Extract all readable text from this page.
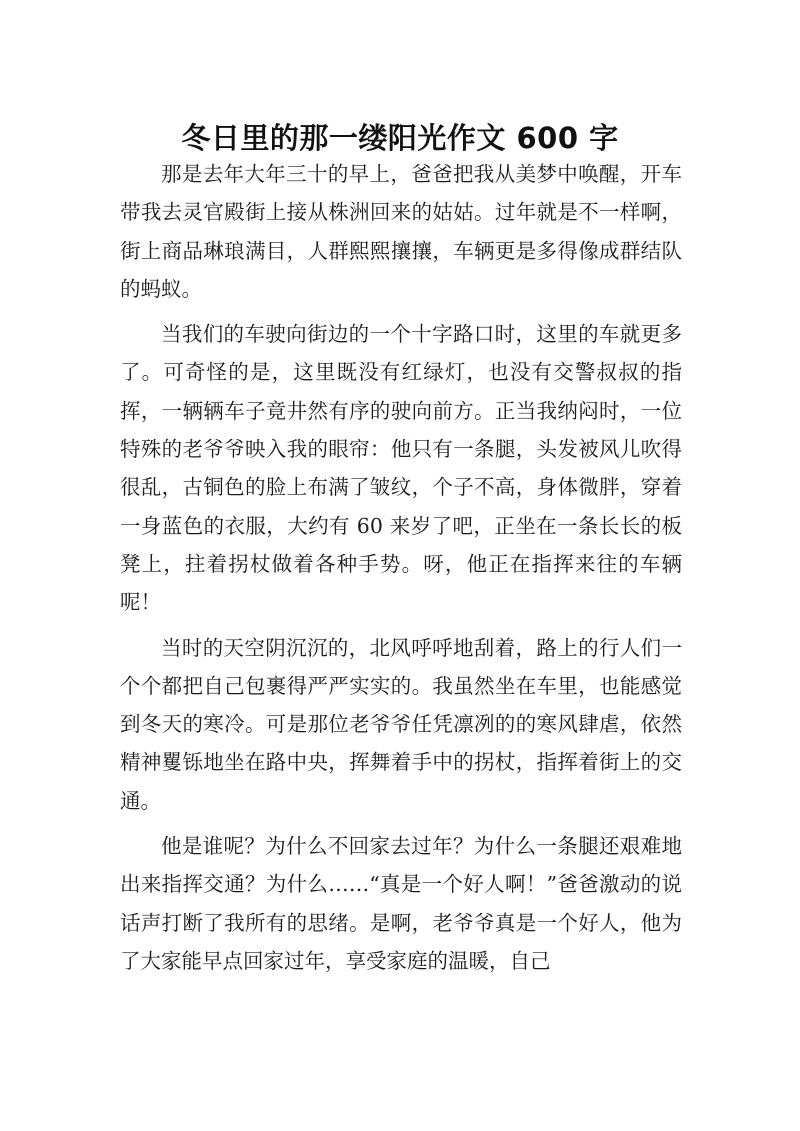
冬日里的那一缕阳光作文 600 字

那是去年大年三十的早上，爸爸把我从美梦中唤醒，开车带我去灵官殿街上接从株洲回来的姑姑。过年就是不一样啊，街上商品琳琅满目，人群熙熙攘攘，车辆更是多得像成群结队的蚂蚁。

当我们的车驶向街边的一个十字路口时，这里的车就更多了。可奇怪的是，这里既没有红绿灯，也没有交警叔叔的指挥，一辆辆车子竟井然有序的驶向前方。正当我纳闷时，一位特殊的老爷爷映入我的眼帘：他只有一条腿，头发被风儿吹得很乱，古铜色的脸上布满了皱纹，个子不高，身体微胖，穿着一身蓝色的衣服，大约有 60 来岁了吧，正坐在一条长长的板凳上，拄着拐杖做着各种手势。呀，他正在指挥来往的车辆呢！

当时的天空阴沉沉的，北风呼呼地刮着，路上的行人们一个个都把自己包裹得严严实实的。我虽然坐在车里，也能感觉到冬天的寒冷。可是那位老爷爷任凭凛冽的的寒风肆虐，依然精神矍铄地坐在路中央，挥舞着手中的拐杖，指挥着街上的交通。

他是谁呢？为什么不回家去过年？为什么一条腿还艰难地出来指挥交通？为什么……“真是一个好人啊！”爸爸激动的说话声打断了我所有的思绪。是啊，老爷爷真是一个好人，他为了大家能早点回家过年，享受家庭的温暖，自己
